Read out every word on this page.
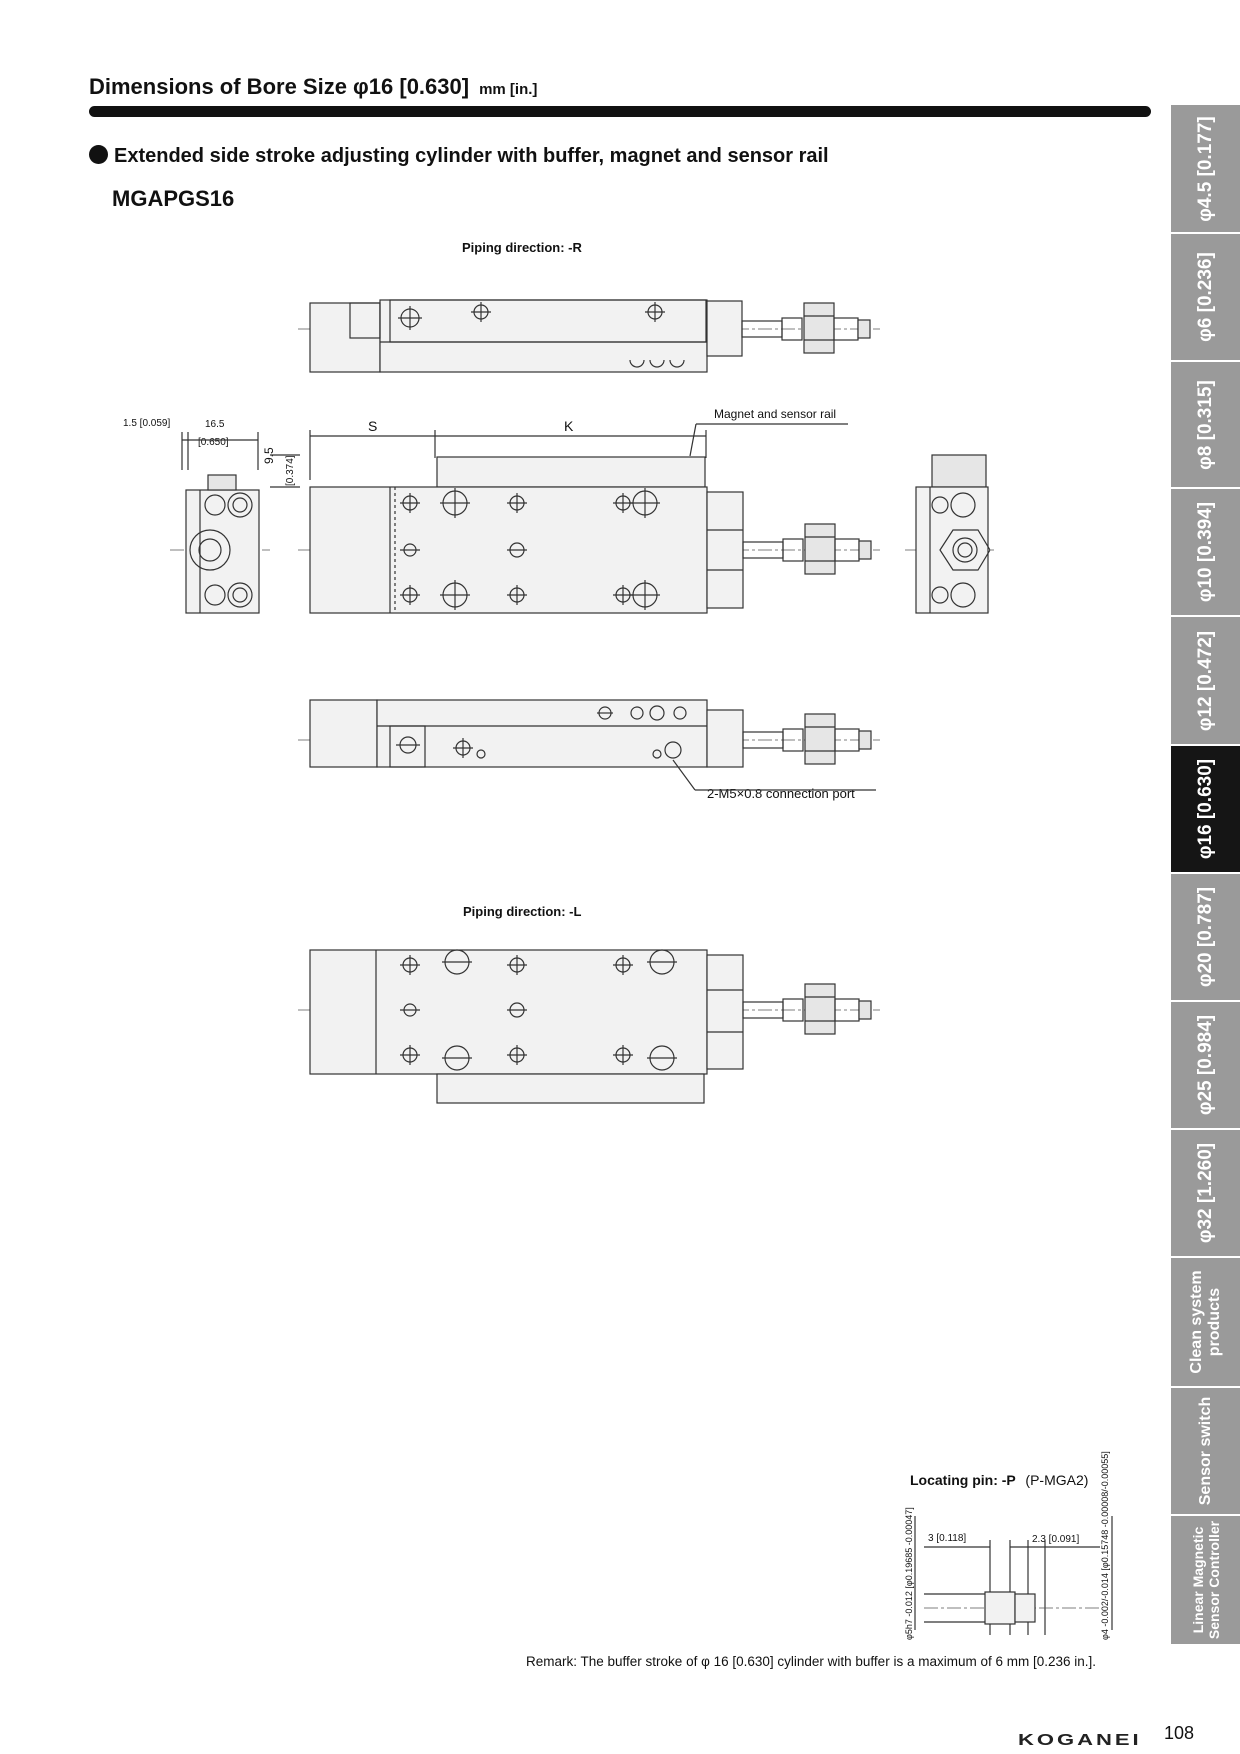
Dimensions of Bore Size φ16 [0.630] mm [in.]
Extended side stroke adjusting cylinder with buffer, magnet and sensor rail
MGAPGS16
Piping direction: -R
Piping direction: -L
1.5 [0.059]	16.5
[0.650]
9.5 [0.374]
S	K
Magnet and sensor rail
2-M5×0.8 connection port
Locating pin: -P (P-MGA2)
3 [0.118]	2.3 [0.091]
φ5h7 -0.012 [φ0.19685 -0.00047]	φ4 -0.002/-0.014 [φ0.15748 -0.00008/-0.00055]
Remark: The buffer stroke of φ 16 [0.630] cylinder with buffer is a maximum of 6 mm [0.236 in.].
KOGANEI 108
φ4.5 [0.177]
φ6 [0.236]
φ8 [0.315]
φ10 [0.394]
φ12 [0.472]
φ16 [0.630]
φ20 [0.787]
φ25 [0.984]
φ32 [1.260]
Clean system products
Sensor switch
Linear Magnetic Sensor Controller
